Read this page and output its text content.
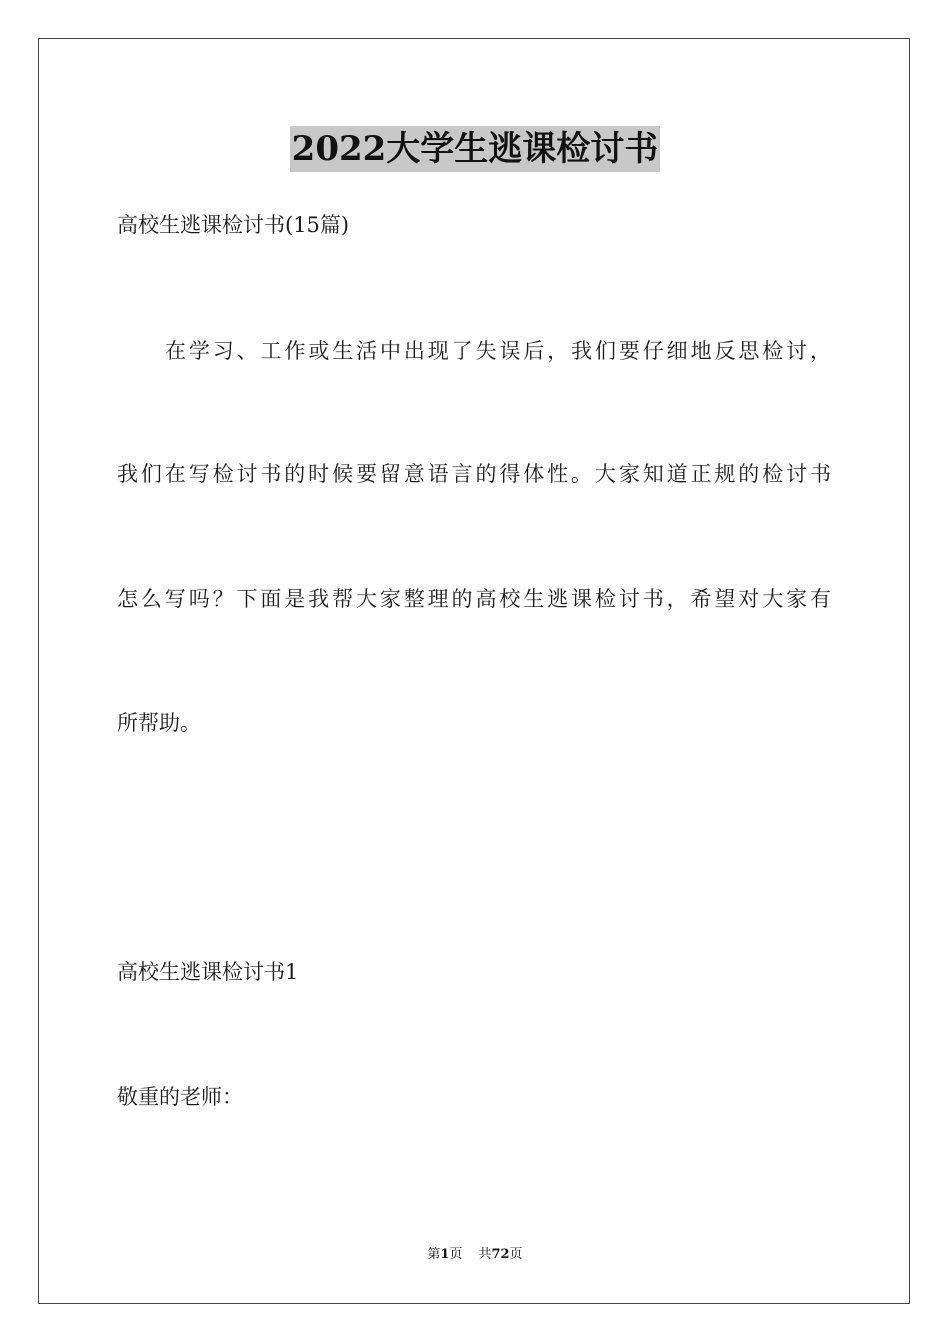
2022大学生逃课检讨书
高校生逃课检讨书(15篇)
在学习、工作或生活中出现了失误后，我们要仔细地反思检讨，
我们在写检讨书的时候要留意语言的得体性。大家知道正规的检讨书
怎么写吗？下面是我帮大家整理的高校生逃课检讨书，希望对大家有
所帮助。
高校生逃课检讨书1
敬重的老师：
第1页 共72页
